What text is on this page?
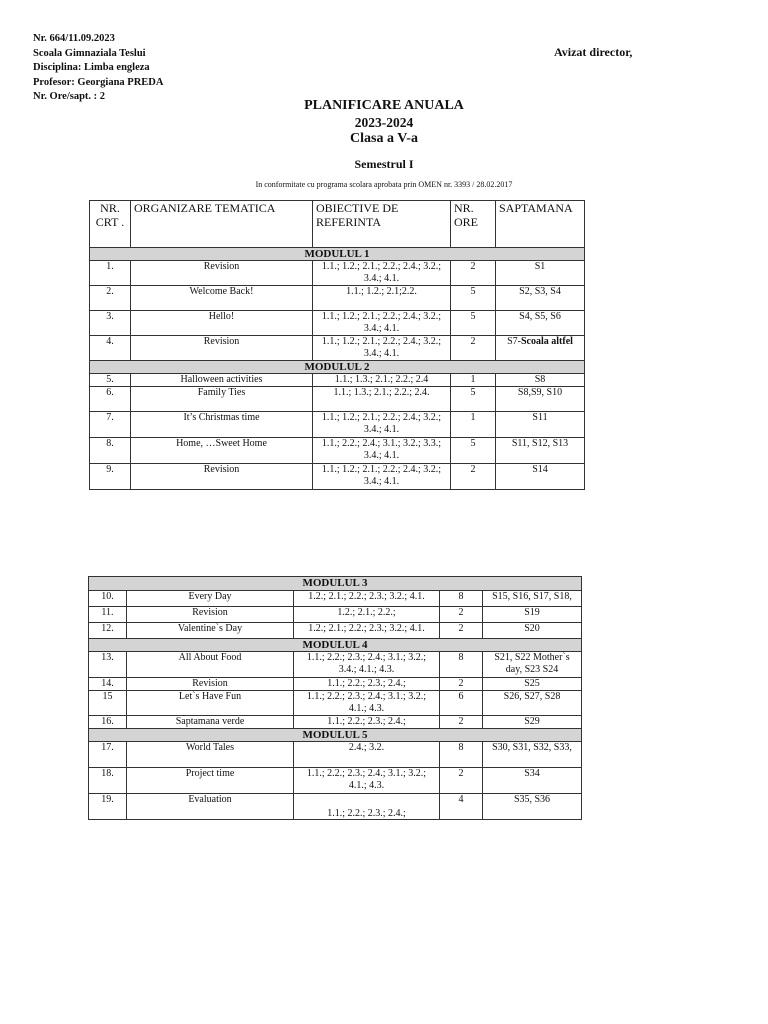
Nr. 664/11.09.2023
Scoala Gimnaziala Teslui
Disciplina: Limba engleza
Profesor: Georgiana PREDA
Nr. Ore/sapt. : 2
Avizat director,
PLANIFICARE ANUALA
2023-2024
Clasa a V-a
Semestrul I
In conformitate cu programa scolara aprobata prin OMEN nr. 3393 / 28.02.2017
NR. CRT .	ORGANIZARE TEMATICA	OBIECTIVE DE REFERINTA	NR. ORE	SAPTAMANA
MODULUL 1				
1.	Revision	1.1.; 1.2.; 2.1.; 2.2.; 2.4.; 3.2.; 3.4.; 4.1.	2	S1
2.	Welcome Back!	1.1.; 1.2.; 2.1;2.2.	5	S2, S3, S4
3.	Hello!	1.1.; 1.2.; 2.1.; 2.2.; 2.4.; 3.2.; 3.4.; 4.1.	5	S4, S5, S6
4.	Revision	1.1.; 1.2.; 2.1.; 2.2.; 2.4.; 3.2.; 3.4.; 4.1.	2	S7-Scoala altfel
MODULUL 2				
5.	Halloween activities	1.1.; 1.3.; 2.1.; 2.2.; 2.4	1	S8
6.	Family Ties	1.1.; 1.3.; 2.1.; 2.2.; 2.4.	5	S8,S9, S10
7.	It’s Christmas time	1.1.; 1.2.; 2.1.; 2.2.; 2.4.; 3.2.; 3.4.; 4.1.	1	S11
8.	Home, …Sweet Home	1.1.; 2.2.; 2.4.; 3.1.; 3.2.; 3.3.; 3.4.; 4.1.	5	S11, S12, S13
9.	Revision	1.1.; 1.2.; 2.1.; 2.2.; 2.4.; 3.2.; 3.4.; 4.1.	2	S14
MODULUL 3				
10.	Every Day	1.2.; 2.1.; 2.2.; 2.3.; 3.2.; 4.1.	8	S15, S16, S17, S18,
11.	Revision	1.2.; 2.1.; 2.2.;	2	S19
12.	Valentine`s Day	1.2.; 2.1.; 2.2.; 2.3.; 3.2.; 4.1.	2	S20
MODULUL 4				
13.	All About Food	1.1.; 2.2.; 2.3.; 2.4.; 3.1.; 3.2.; 3.4.; 4.1.; 4.3.	8	S21, S22 Mother`s day, S23 S24
14.	Revision	1.1.; 2.2.; 2.3.; 2.4.;	2	S25
15	Let`s Have Fun	1.1.; 2.2.; 2.3.; 2.4.; 3.1.; 3.2.; 4.1.; 4.3.	6	S26, S27, S28
16.	Saptamana verde	1.1.; 2.2.; 2.3.; 2.4.;	2	S29
MODULUL 5				
17.	World Tales	2.4.; 3.2.	8	S30, S31, S32, S33,
18.	Project time	1.1.; 2.2.; 2.3.; 2.4.; 3.1.; 3.2.; 4.1.; 4.3.	2	S34
19.	Evaluation	1.1.; 2.2.; 2.3.; 2.4.;	4	S35, S36
